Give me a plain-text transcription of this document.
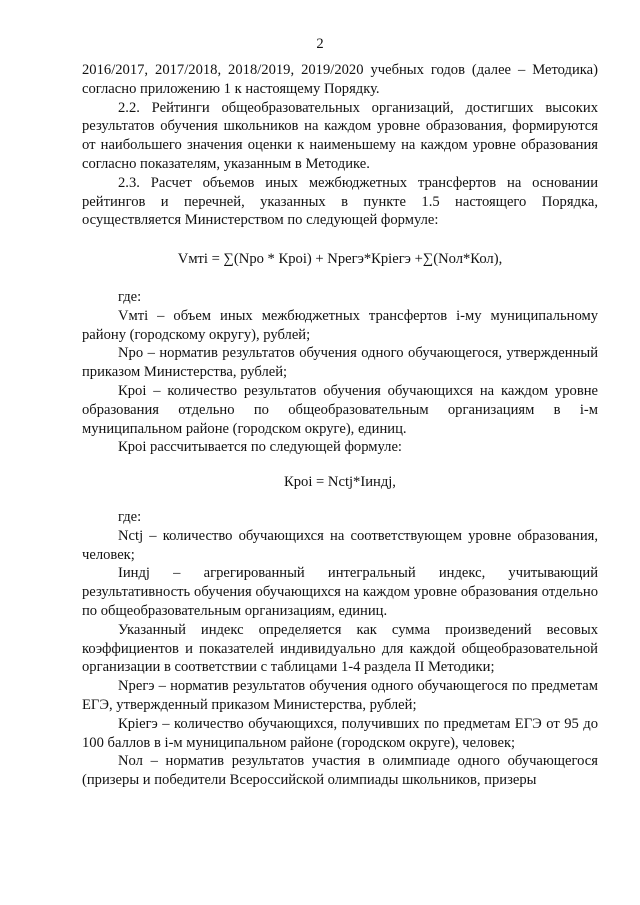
2

2016/2017, 2017/2018, 2018/2019, 2019/2020 учебных годов (далее – Методика) согласно приложению 1 к настоящему Порядку.

2.2. Рейтинги общеобразовательных организаций, достигших высоких результатов обучения школьников на каждом уровне образования, формируются от наибольшего значения оценки к наименьшему на каждом уровне образования согласно показателям, указанным в Методике.

2.3. Расчет объемов иных межбюджетных трансфертов на основании рейтингов и перечней, указанных в пункте 1.5 настоящего Порядка, осуществляется Министерством по следующей формуле:

Vмтi = ∑(Nро * Кроi) + Nрегэ*Кріегэ +∑(Nол*Кол),

где:

Vмтi – объем иных межбюджетных трансфертов i-му муниципальному району (городскому округу), рублей;

Nро – норматив результатов обучения одного обучающегося, утвержденный приказом Министерства, рублей;

Кроi – количество результатов обучения обучающихся на каждом уровне образования отдельно по общеобразовательным организациям в i-м муниципальном районе (городском округе), единиц.

Кроi рассчитывается по следующей формуле:

Кроi = Nctj*Iиндj,

где:

Nctj – количество обучающихся на соответствующем уровне образования, человек;

Iиндj – агрегированный интегральный индекс, учитывающий результативность обучения обучающихся на каждом уровне образования отдельно по общеобразовательным организациям, единиц.

Указанный индекс определяется как сумма произведений весовых коэффициентов и показателей индивидуально для каждой общеобразовательной организации в соответствии с таблицами 1-4 раздела II Методики;

Nрегэ – норматив результатов обучения одного обучающегося по предметам ЕГЭ, утвержденный приказом Министерства, рублей;

Кріегэ – количество обучающихся, получивших по предметам ЕГЭ от 95 до 100 баллов в i-м муниципальном районе (городском округе), человек;

Nол – норматив результатов участия в олимпиаде одного обучающегося (призеры и победители Всероссийской олимпиады школьников, призеры
